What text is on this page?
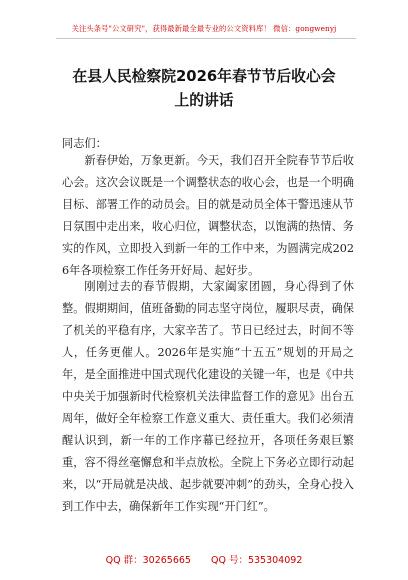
关注头条号"公文研究"，获得最新最全最专业的公文资料库！ 微信：gongwenyj
在县人民检察院2026年春节节后收心会
上的讲话

同志们：

新春伊始，万象更新。今天，我们召开全院春节节后收心会。这次会议既是一个调整状态的收心会，也是一个明确目标、部署工作的动员会。目的就是动员全体干警迅速从节日氛围中走出来，收心归位，调整状态，以饱满的热情、务实的作风，立即投入到新一年的工作中来，为圆满完成2026年各项检察工作任务开好局、起好步。

刚刚过去的春节假期，大家阖家团圆，身心得到了休整。假期期间，值班备勤的同志坚守岗位，履职尽责，确保了机关的平稳有序，大家辛苦了。节日已经过去，时间不等人，任务更催人。2026年是实施“十五五”规划的开局之年，是全面推进中国式现代化建设的关键一年，也是《中共中央关于加强新时代检察机关法律监督工作的意见》出台五周年，做好全年检察工作意义重大、责任重大。我们必须清醒认识到，新一年的工作序幕已经拉开，各项任务艰巨繁重，容不得丝毫懈怠和半点放松。全院上下务必立即行动起来，以“开局就是决战、起步就要冲刺”的劲头，全身心投入到工作中去，确保新年工作实现“开门红”。

QQ 群：30265665 QQ 号：535304092
